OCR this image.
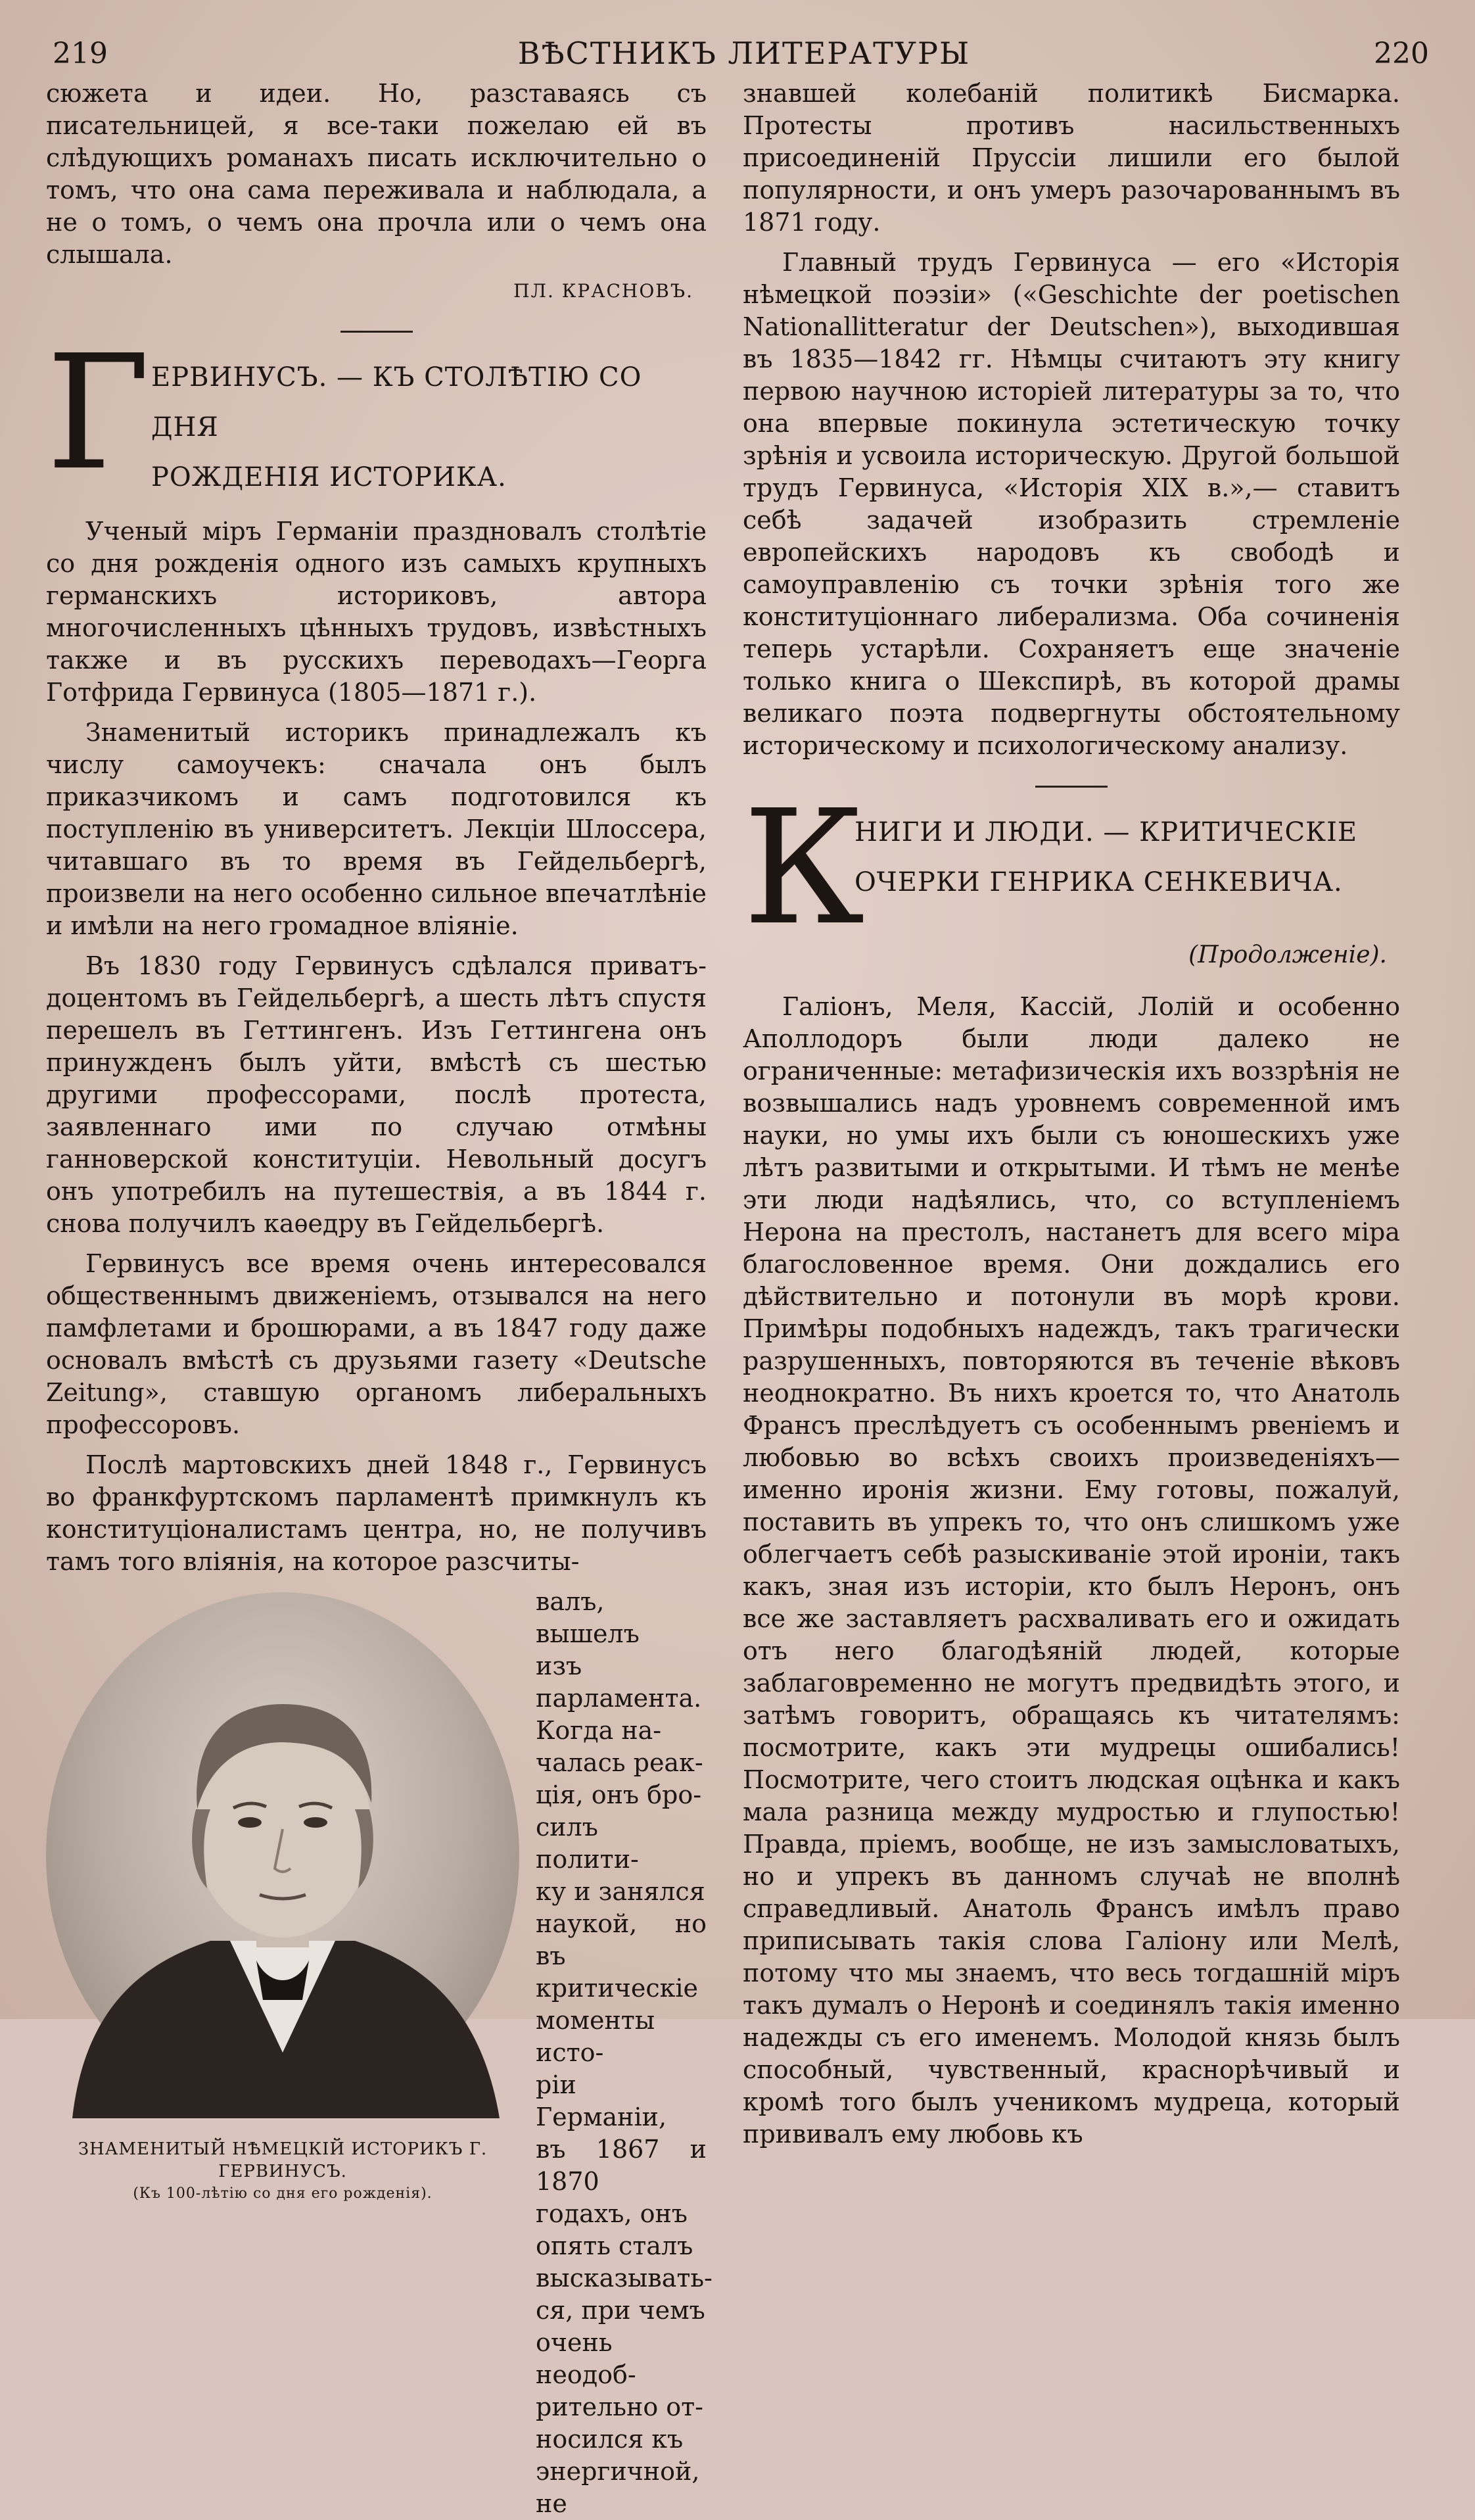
219	ВѢСТНИКЪ ЛИТЕРАТУРЫ	220

сюжета и идеи. Но, разставаясь съ писательницей, я все-таки пожелаю ей въ слѣдующихъ романахъ писать исключительно о томъ, что она сама переживала и наблюдала, а не о томъ, о чемъ она прочла или о чемъ она слышала.

ПЛ. КРАСНОВЪ.
Г ЕРВИНУСЪ. — КЪ СТОЛѢТІЮ СО ДНЯ
РОЖДЕНІЯ ИСТОРИКА.

Ученый міръ Германіи праздновалъ столѣтіе со дня рожденія одного изъ самыхъ крупныхъ германскихъ историковъ, автора многочисленныхъ цѣнныхъ трудовъ, извѣстныхъ также и въ русскихъ переводахъ—Георга Готфрида Гервинуса (1805—1871 г.).

Знаменитый историкъ принадлежалъ къ числу самоучекъ: сначала онъ былъ приказчикомъ и самъ подготовился къ поступленію въ университетъ. Лекціи Шлоссера, читавшаго въ то время въ Гейдельбергѣ, произвели на него особенно сильное впечатлѣніе и имѣли на него громадное вліяніе.

Въ 1830 году Гервинусъ сдѣлался приватъ-доцентомъ въ Гейдельбергѣ, а шесть лѣтъ спустя перешелъ въ Геттингенъ. Изъ Геттингена онъ принужденъ былъ уйти, вмѣстѣ съ шестью другими профессорами, послѣ протеста, заявленнаго ими по случаю отмѣны ганноверской конституціи. Невольный досугъ онъ употребилъ на путешествія, а въ 1844 г. снова получилъ каѳедру въ Гейдельбергѣ.

Гервинусъ все время очень интересовался общественнымъ движеніемъ, отзывался на него памфлетами и брошюрами, а въ 1847 году даже основалъ вмѣстѣ съ друзьями газету «Deutsche Zeitung», ставшую органомъ либеральныхъ профессоровъ.

Послѣ мартовскихъ дней 1848 г., Гервинусъ во франкфуртскомъ парламентѣ примкнулъ къ конституціоналистамъ центра, но, не получивъ тамъ того вліянія, на которое разсчиты-

ЗНАМЕНИТЫЙ НѢМЕЦКІЙ ИСТОРИКЪ Г. ГЕРВИНУСЪ.
(Къ 100-лѣтію со дня его рожденія).
валъ, вышелъ
изъ парламента.
Когда на-
чалась реак-
ція, онъ бро-
силъ полити-
ку и занялся
наукой, но въ
критическіе
моменты исто-
ріи Германіи,
въ 1867 и 1870
годахъ, онъ
опять сталъ
высказывать-
ся, при чемъ
очень неодоб-
рительно от-
носился къ
энергичной, не

знавшей колебаній политикѣ Бисмарка. Протесты противъ насильственныхъ присоединеній Пруссіи лишили его былой популярности, и онъ умеръ разочарованнымъ въ 1871 году.

Главный трудъ Гервинуса — его «Исторія нѣмецкой поэзіи» («Geschichte der poetischen Nationallitteratur der Deutschen»), выходившая въ 1835—1842 гг. Нѣмцы считаютъ эту книгу первою научною исторіей литературы за то, что она впервые покинула эстетическую точку зрѣнія и усвоила историческую. Другой большой трудъ Гервинуса, «Исторія XIX в.»,— ставитъ себѣ задачей изобразить стремленіе европейскихъ народовъ къ свободѣ и самоуправленію съ точки зрѣнія того же конституціоннаго либерализма. Оба сочиненія теперь устарѣли. Сохраняетъ еще значеніе только книга о Шекспирѣ, въ которой драмы великаго поэта подвергнуты обстоятельному историческому и психологическому анализу.

К
НИГИ И ЛЮДИ. — КРИТИЧЕСКІЕ
ОЧЕРКИ ГЕНРИКА СЕНКЕВИЧА.
(Продолженіе).

Галіонъ, Меля, Кассій, Лолій и особенно Аполлодоръ были люди далеко не ограниченные: метафизическія ихъ воззрѣнія не возвышались надъ уровнемъ современной имъ науки, но умы ихъ были съ юношескихъ уже лѣтъ развитыми и открытыми. И тѣмъ не менѣе эти люди надѣялись, что, со вступленіемъ Нерона на престолъ, настанетъ для всего міра благословенное время. Они дождались его дѣйствительно и потонули въ морѣ крови. Примѣры подобныхъ надеждъ, такъ трагически разрушенныхъ, повторяются въ теченіе вѣковъ неоднократно. Въ нихъ кроется то, что Анатоль Франсъ преслѣдуетъ съ особеннымъ рвеніемъ и любовью во всѣхъ своихъ произведеніяхъ— именно иронія жизни. Ему готовы, пожалуй, поставить въ упрекъ то, что онъ слишкомъ уже облегчаетъ себѣ разыскиваніе этой ироніи, такъ какъ, зная изъ исторіи, кто былъ Неронъ, онъ все же заставляетъ расхваливать его и ожидать отъ него благодѣяній людей, которые заблаговременно не могутъ предвидѣть этого, и затѣмъ говоритъ, обращаясь къ читателямъ: посмотрите, какъ эти мудрецы ошибались! Посмотрите, чего стоитъ людская оцѣнка и какъ мала разница между мудростью и глупостью! Правда, пріемъ, вообще, не изъ замысловатыхъ, но и упрекъ въ данномъ случаѣ не вполнѣ справедливый. Анатоль Франсъ имѣлъ право приписывать такія слова Галіону или Мелѣ, потому что мы знаемъ, что весь тогдашній міръ такъ думалъ о Неронѣ и соединялъ такія именно надежды съ его именемъ. Молодой князь былъ способный, чувственный, краснорѣчивый и кромѣ того былъ ученикомъ мудреца, который прививалъ ему любовь къ
